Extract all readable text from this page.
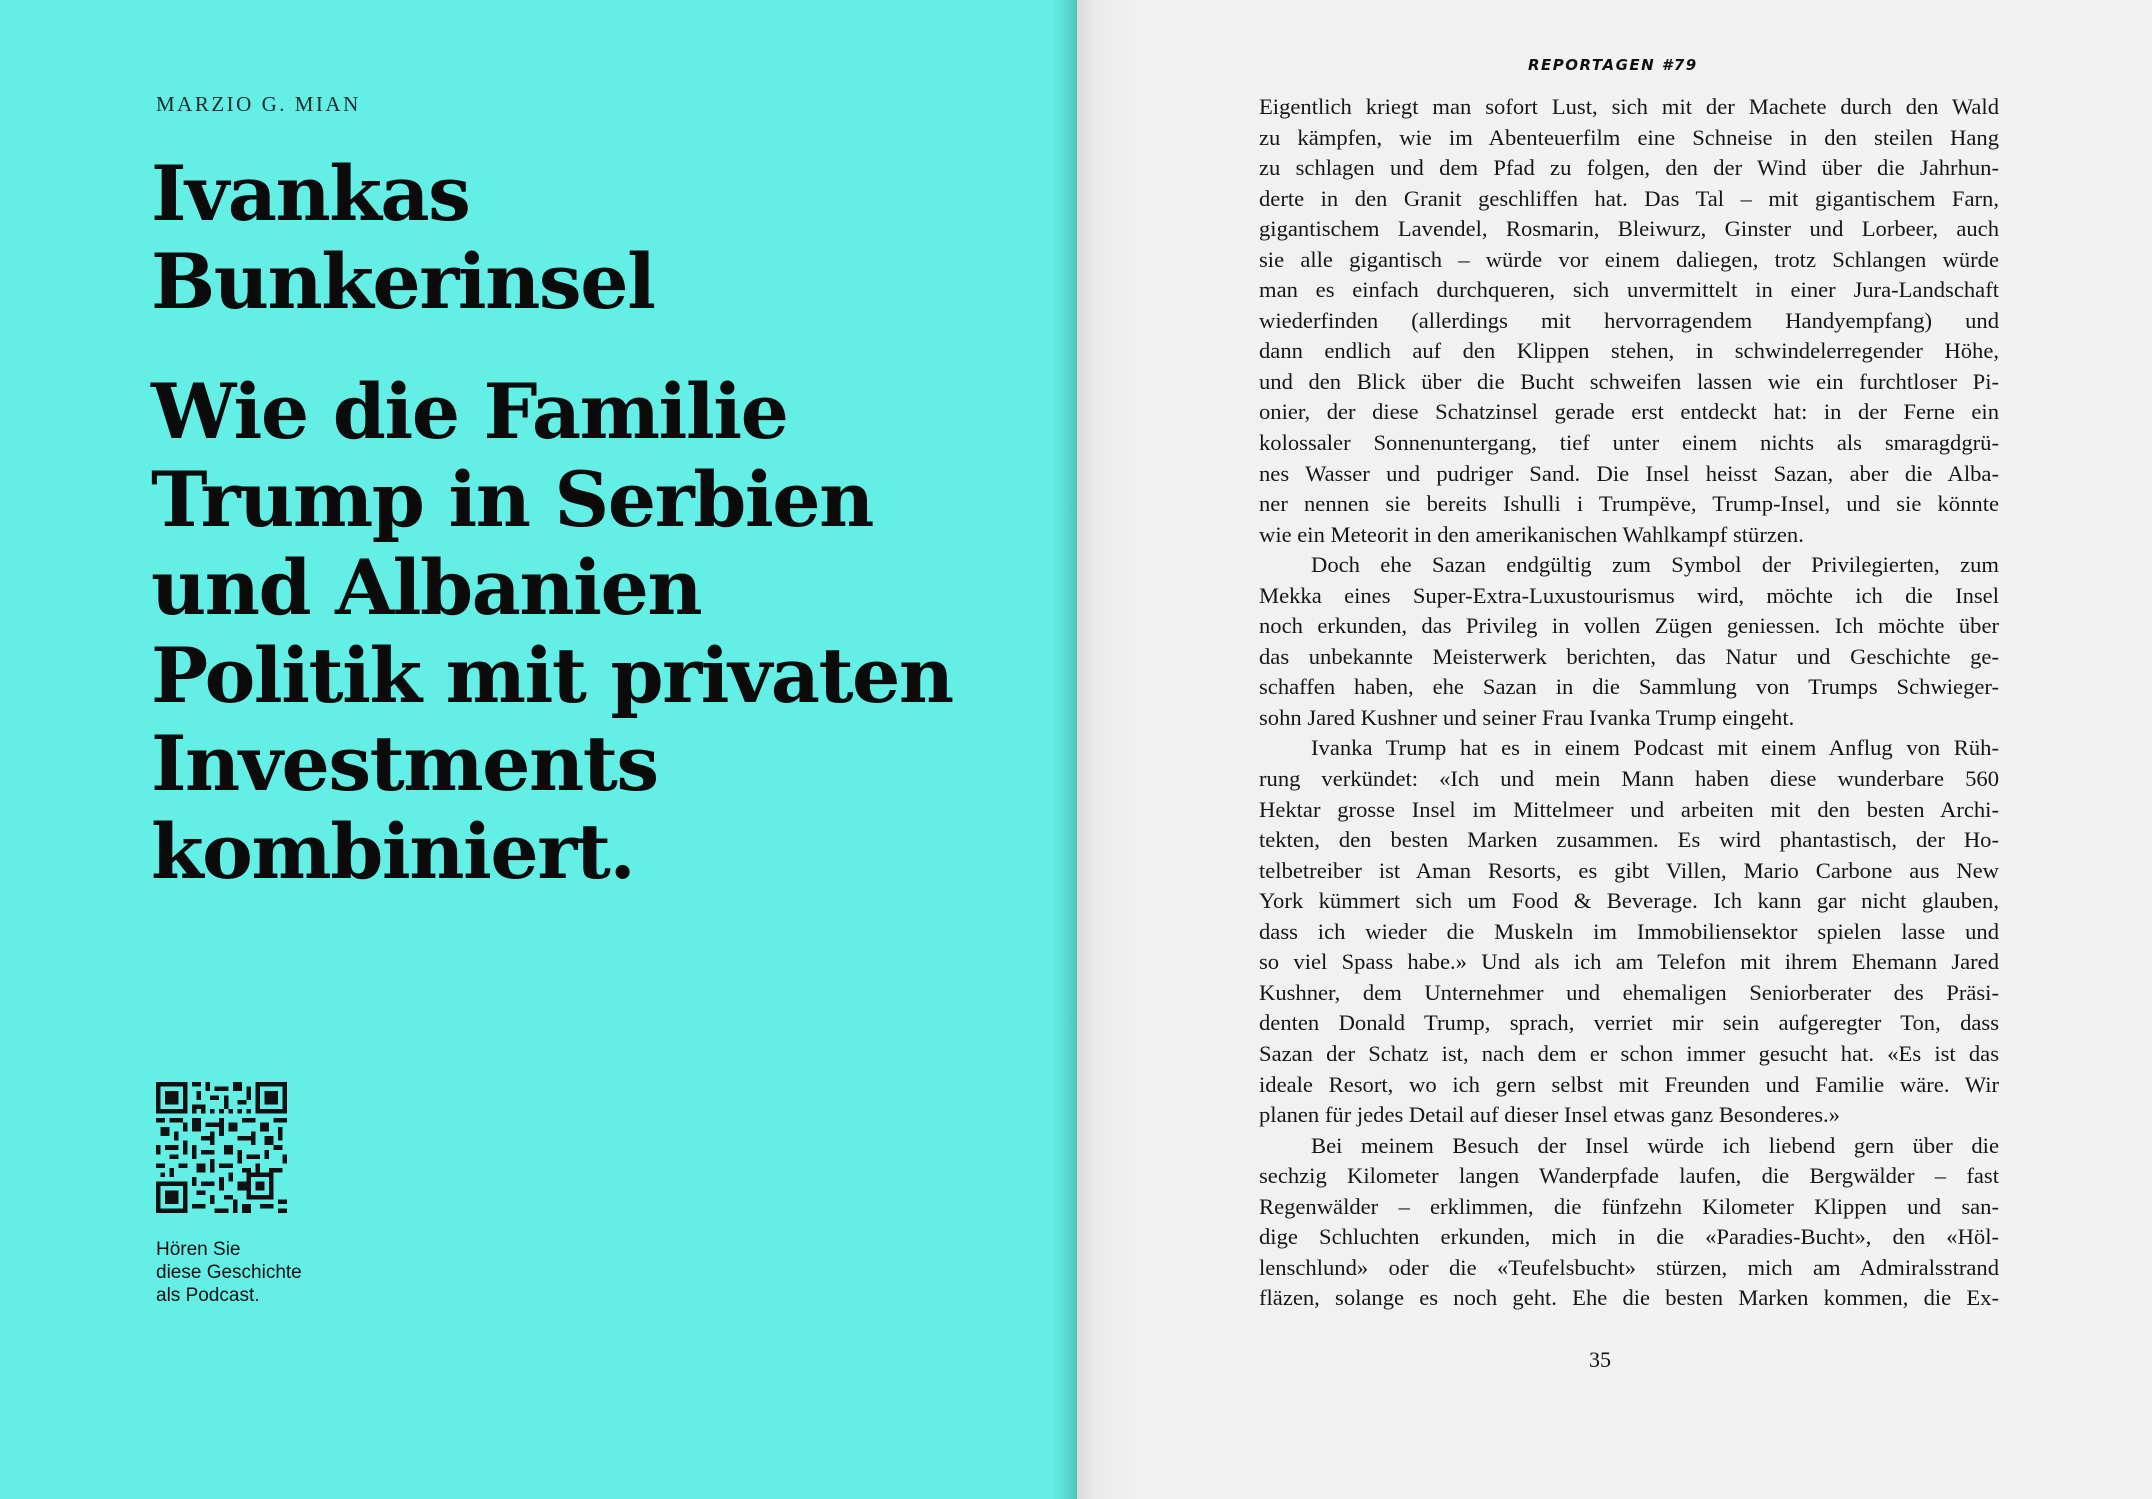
MARZIO G. MIAN
Ivankas
Bunkerinsel
Wie die Familie
Trump in Serbien
und Albanien
Politik mit privaten
Investments
kombiniert.
Hören Sie
diese Geschichte
als Podcast.
REPORTAGEN #79
Eigentlich kriegt man sofort Lust, sich mit der Machete durch den Wald
zu kämpfen, wie im Abenteuerfilm eine Schneise in den steilen Hang
zu schlagen und dem Pfad zu folgen, den der Wind über die Jahrhun-
derte in den Granit geschliffen hat. Das Tal – mit gigantischem Farn,
gigantischem Lavendel, Rosmarin, Bleiwurz, Ginster und Lorbeer, auch
sie alle gigantisch – würde vor einem daliegen, trotz Schlangen würde
man es einfach durchqueren, sich unvermittelt in einer Jura-Landschaft
wiederfinden (allerdings mit hervorragendem Handyempfang) und
dann endlich auf den Klippen stehen, in schwindelerregender Höhe,
und den Blick über die Bucht schweifen lassen wie ein furchtloser Pi-
onier, der diese Schatzinsel gerade erst entdeckt hat: in der Ferne ein
kolossaler Sonnenuntergang, tief unter einem nichts als smaragdgrü-
nes Wasser und pudriger Sand. Die Insel heisst Sazan, aber die Alba-
ner nennen sie bereits Ishulli i Trumpëve, Trump-Insel, und sie könnte
wie ein Meteorit in den amerikanischen Wahlkampf stürzen.
Doch ehe Sazan endgültig zum Symbol der Privilegierten, zum
Mekka eines Super-Extra-Luxustourismus wird, möchte ich die Insel
noch erkunden, das Privileg in vollen Zügen geniessen. Ich möchte über
das unbekannte Meisterwerk berichten, das Natur und Geschichte ge-
schaffen haben, ehe Sazan in die Sammlung von Trumps Schwieger-
sohn Jared Kushner und seiner Frau Ivanka Trump eingeht.
Ivanka Trump hat es in einem Podcast mit einem Anflug von Rüh-
rung verkündet: «Ich und mein Mann haben diese wunderbare 560
Hektar grosse Insel im Mittelmeer und arbeiten mit den besten Archi-
tekten, den besten Marken zusammen. Es wird phantastisch, der Ho-
telbetreiber ist Aman Resorts, es gibt Villen, Mario Carbone aus New
York kümmert sich um Food & Beverage. Ich kann gar nicht glauben,
dass ich wieder die Muskeln im Immobiliensektor spielen lasse und
so viel Spass habe.» Und als ich am Telefon mit ihrem Ehemann Jared
Kushner, dem Unternehmer und ehemaligen Seniorberater des Präsi-
denten Donald Trump, sprach, verriet mir sein aufgeregter Ton, dass
Sazan der Schatz ist, nach dem er schon immer gesucht hat. «Es ist das
ideale Resort, wo ich gern selbst mit Freunden und Familie wäre. Wir
planen für jedes Detail auf dieser Insel etwas ganz Besonderes.»
Bei meinem Besuch der Insel würde ich liebend gern über die
sechzig Kilometer langen Wanderpfade laufen, die Bergwälder – fast
Regenwälder – erklimmen, die fünfzehn Kilometer Klippen und san-
dige Schluchten erkunden, mich in die «Paradies-Bucht», den «Höl-
lenschlund» oder die «Teufelsbucht» stürzen, mich am Admiralsstrand
fläzen, solange es noch geht. Ehe die besten Marken kommen, die Ex-
35
